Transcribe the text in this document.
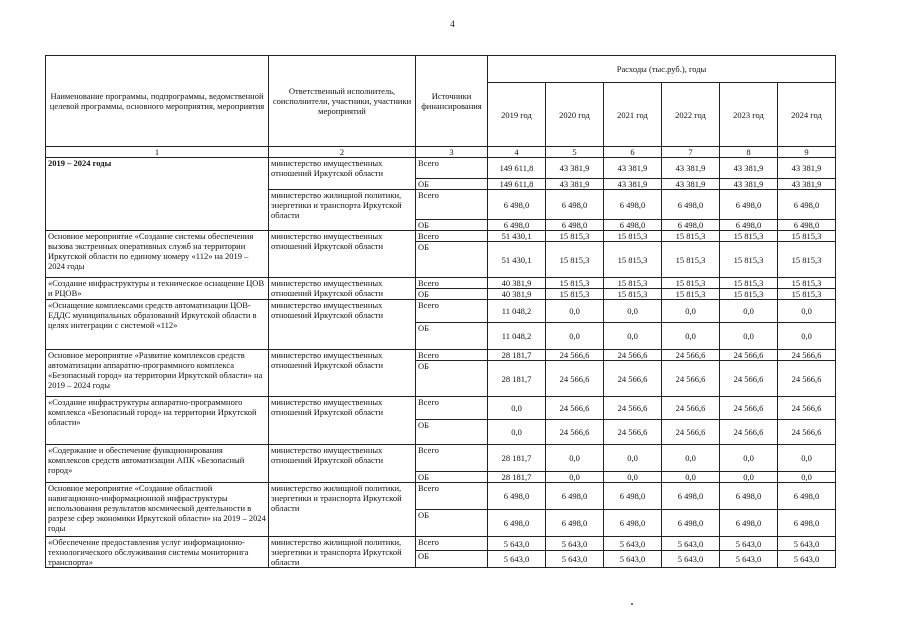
4
Наименование программы, подпрограммы, ведомственной целевой программы, основного мероприятия, мероприятия	Ответственный исполнитель, соисполнители, участники, участники мероприятий	Источники финансирования	Расходы (тыс.руб.), годы					
			2019 год	2020 год	2021 год	2022 год	2023 год	2024 год
1	2	3	4	5	6	7	8	9
2019 – 2024 годы	министерство имущественных отношений Иркутской области	Всего	149 611,8	43 381,9	43 381,9	43 381,9	43 381,9	43 381,9
		ОБ	149 611,8	43 381,9	43 381,9	43 381,9	43 381,9	43 381,9
	министерство жилищной политики, энергетики и транспорта Иркутской области	Всего	6 498,0	6 498,0	6 498,0	6 498,0	6 498,0	6 498,0
		ОБ	6 498,0	6 498,0	6 498,0	6 498,0	6 498,0	6 498,0
Основное мероприятие «Создание системы обеспечения вызова экстренных оперативных служб на территории Иркутской области по единому номеру «112» на 2019 – 2024 годы	министерство имущественных отношений Иркутской области	Всего	51 430,1	15 815,3	15 815,3	15 815,3	15 815,3	15 815,3
		ОБ	51 430,1	15 815,3	15 815,3	15 815,3	15 815,3	15 815,3
«Создание инфраструктуры и техническое оснащение ЦОВ и РЦОВ»	министерство имущественных отношений Иркутской области	Всего	40 381,9	15 815,3	15 815,3	15 815,3	15 815,3	15 815,3
		ОБ	40 381,9	15 815,3	15 815,3	15 815,3	15 815,3	15 815,3
«Оснащение комплексами средств автоматизации ЦОВ-ЕДДС муниципальных образований Иркутской области в целях интеграции с системой «112»	министерство имущественных отношений Иркутской области	Всего	11 048,2	0,0	0,0	0,0	0,0	0,0
		ОБ	11 048,2	0,0	0,0	0,0	0,0	0,0
Основное мероприятие «Развитие комплексов средств автоматизации аппаратно-программного комплекса «Безопасный город» на территории Иркутской области» на 2019 – 2024 годы	министерство имущественных отношений Иркутской области	Всего	28 181,7	24 566,6	24 566,6	24 566,6	24 566,6	24 566,6
		ОБ	28 181,7	24 566,6	24 566,6	24 566,6	24 566,6	24 566,6
«Создание инфраструктуры аппаратно-программного комплекса «Безопасный город» на территории Иркутской области»	министерство имущественных отношений Иркутской области	Всего	0,0	24 566,6	24 566,6	24 566,6	24 566,6	24 566,6
		ОБ	0,0	24 566,6	24 566,6	24 566,6	24 566,6	24 566,6
«Содержание и обеспечение функционирования комплексов средств автоматизации АПК «Безопасный город»	министерство имущественных отношений Иркутской области	Всего	28 181,7	0,0	0,0	0,0	0,0	0,0
		ОБ	28 181,7	0,0	0,0	0,0	0,0	0,0
Основное мероприятие «Создание областной навигационно-информационной инфраструктуры использования результатов космической деятельности в разрезе сфер экономики Иркутской области» на 2019 – 2024 годы	министерство жилищной политики, энергетики и транспорта Иркутской области	Всего	6 498,0	6 498,0	6 498,0	6 498,0	6 498,0	6 498,0
		ОБ	6 498,0	6 498,0	6 498,0	6 498,0	6 498,0	6 498,0
«Обеспечение предоставления услуг информационно-технологического обслуживания системы мониторинга транспорта»	министерство жилищной политики, энергетики и транспорта Иркутской области	Всего	5 643,0	5 643,0	5 643,0	5 643,0	5 643,0	5 643,0
		ОБ	5 643,0	5 643,0	5 643,0	5 643,0	5 643,0	5 643,0
